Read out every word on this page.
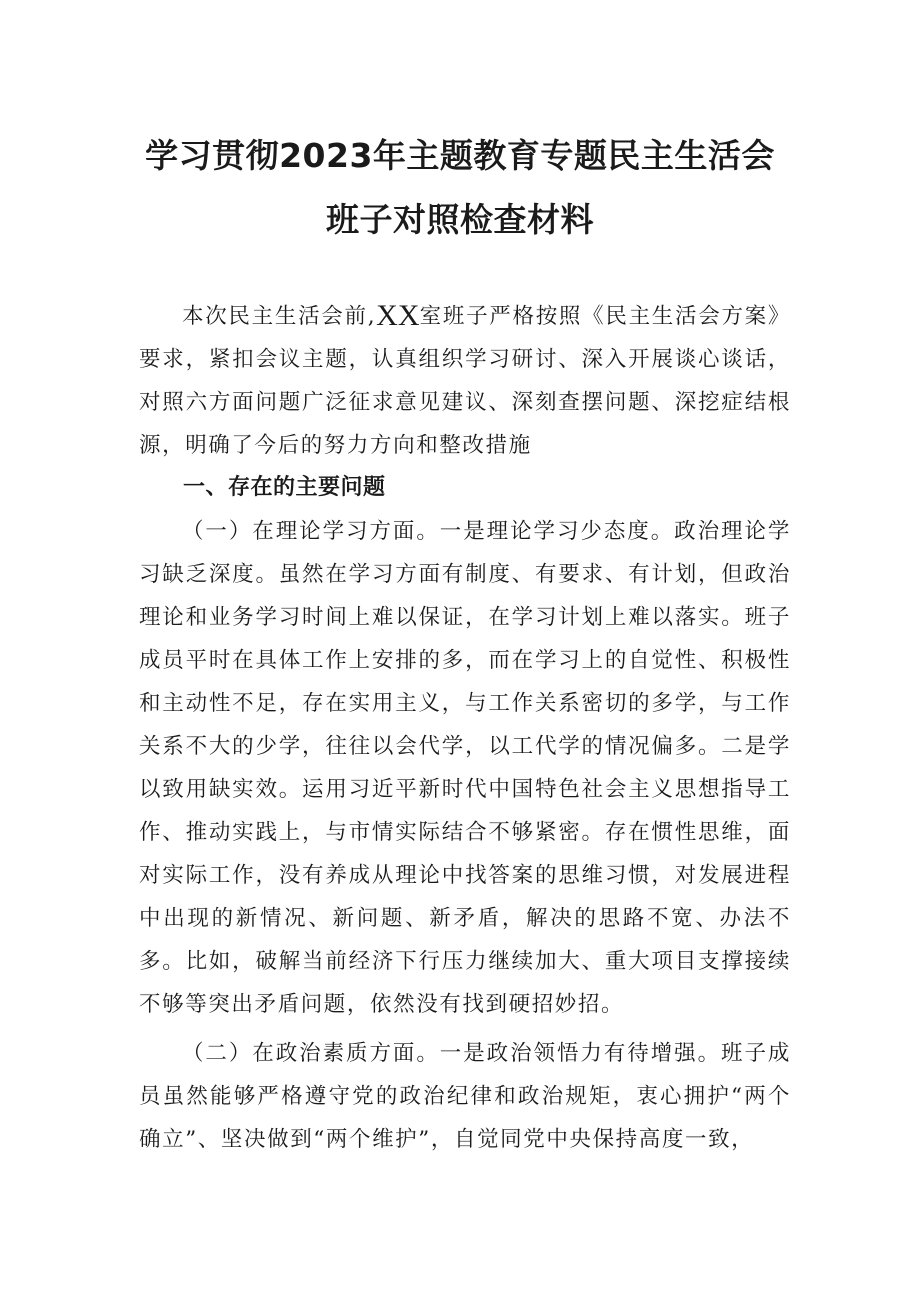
学习贯彻2023年主题教育专题民主生活会
班子对照检查材料

本次民主生活会前,XX室班子严格按照《民主生活会方案》要求，紧扣会议主题，认真组织学习研讨、深入开展谈心谈话，对照六方面问题广泛征求意见建议、深刻查摆问题、深挖症结根源，明确了今后的努力方向和整改措施

一、存在的主要问题

（一）在理论学习方面。一是理论学习少态度。政治理论学习缺乏深度。虽然在学习方面有制度、有要求、有计划，但政治理论和业务学习时间上难以保证，在学习计划上难以落实。班子成员平时在具体工作上安排的多，而在学习上的自觉性、积极性和主动性不足，存在实用主义，与工作关系密切的多学，与工作关系不大的少学，往往以会代学，以工代学的情况偏多。二是学以致用缺实效。运用习近平新时代中国特色社会主义思想指导工作、推动实践上，与市情实际结合不够紧密。存在惯性思维，面对实际工作，没有养成从理论中找答案的思维习惯，对发展进程中出现的新情况、新问题、新矛盾，解决的思路不宽、办法不多。比如，破解当前经济下行压力继续加大、重大项目支撑接续不够等突出矛盾问题，依然没有找到硬招妙招。

（二）在政治素质方面。一是政治领悟力有待增强。班子成员虽然能够严格遵守党的政治纪律和政治规矩，衷心拥护“两个确立”、坚决做到“两个维护”，自觉同党中央保持高度一致，
